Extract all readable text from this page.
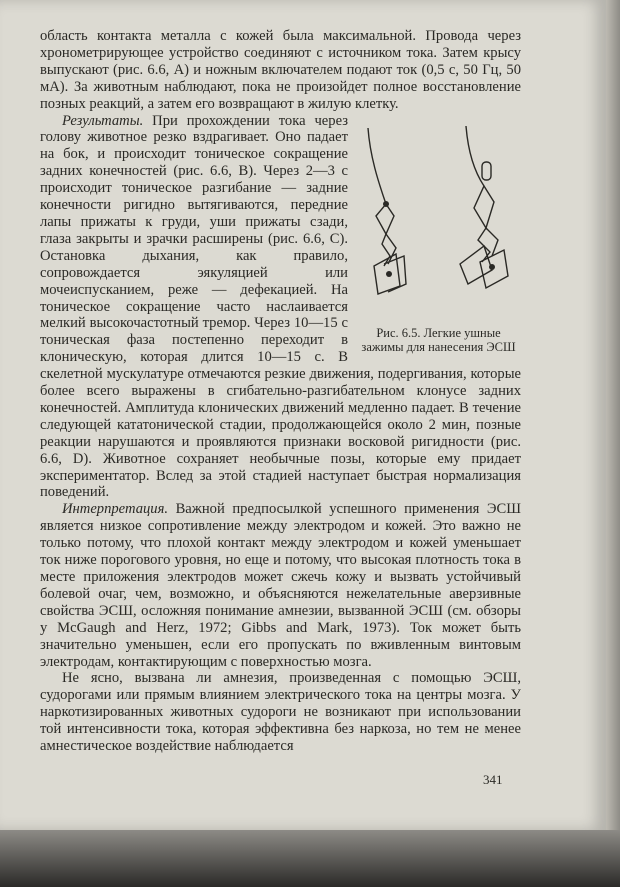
область контакта металла с кожей была максимальной. Провода через хронометрирующее устройство соединяют с источником тока. Затем крысу выпускают (рис. 6.6, A) и ножным включателем подают ток (0,5 с, 50 Гц, 50 мА). За животным наблюдают, пока не произойдет полное восстановление позных реакций, а затем его возвращают в жилую клетку.

Рис. 6.5. Легкие ушные зажимы для нанесения ЭСШ

Результаты. При прохождении тока через голову животное резко вздрагивает. Оно падает на бок, и происходит тоническое сокращение задних конечностей (рис. 6.6, B). Через 2—3 с происходит тоническое разгибание — задние конечности ригидно вытягиваются, передние лапы прижаты к груди, уши прижаты сзади, глаза закрыты и зрачки расширены (рис. 6.6, C). Остановка дыхания, как правило, сопровождается эякуляцией или мочеиспусканием, реже — дефекацией. На тоническое сокращение часто наслаивается мелкий высокочастотный тремор. Через 10—15 с тоническая фаза постепенно переходит в клоническую, которая длится 10—15 с. В скелетной мускулатуре отмечаются резкие движения, подергивания, которые более всего выражены в сгибательно-разгибательном клонусе задних конечностей. Амплитуда клонических движений медленно падает. В течение следующей кататонической стадии, продолжающейся около 2 мин, позные реакции нарушаются и проявляются признаки восковой ригидности (рис. 6.6, D). Животное сохраняет необычные позы, которые ему придает экспериментатор. Вслед за этой стадией наступает быстрая нормализация поведений.

Интерпретация. Важной предпосылкой успешного применения ЭСШ является низкое сопротивление между электродом и кожей. Это важно не только потому, что плохой контакт между электродом и кожей уменьшает ток ниже порогового уровня, но еще и потому, что высокая плотность тока в месте приложения электродов может сжечь кожу и вызвать устойчивый болевой очаг, чем, возможно, и объясняются нежелательные аверзивные свойства ЭСШ, осложняя понимание амнезии, вызванной ЭСШ (см. обзоры у McGaugh and Herz, 1972; Gibbs and Mark, 1973). Ток может быть значительно уменьшен, если его пропускать по вживленным винтовым электродам, контактирующим с поверхностью мозга.

Не ясно, вызвана ли амнезия, произведенная с помощью ЭСШ, судорогами или прямым влиянием электрического тока на центры мозга. У наркотизированных животных судороги не возникают при использовании той интенсивности тока, которая эффективна без наркоза, но тем не менее амнестическое воздействие наблюдается

341
